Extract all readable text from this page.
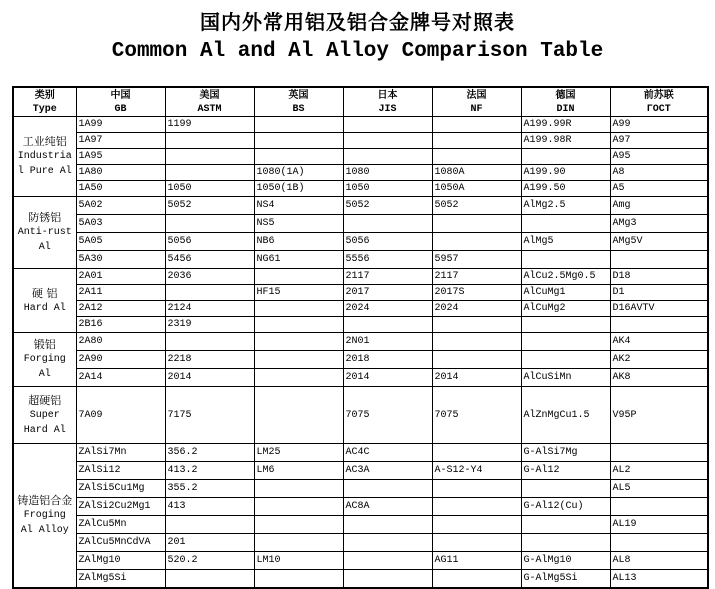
国内外常用铝及铝合金牌号对照表
Common Al and Al Alloy Comparison Table
类别	中国	美国	英国	日本	法国	德国	前苏联
Type	GB	ASTM	BS	JIS	NF	DIN	ГОСТ

工业纯铝
Industria l Pure Al	1A99	1199				A199.99R	A99
	1A97					A199.98R	A97
	1A95						A95
	1A80		1080(1A)	1080	1080A	A199.90	A8
	1A50	1050	1050(1B)	1050	1050A	A199.50	A5

防锈铝
Anti-rust Al	5A02	5052	NS4	5052	5052	AlMg2.5	Amg
	5A03		NS5				AMg3
	5A05	5056	NB6	5056		AlMg5	AMg5V
	5A30	5456	NG61	5556	5957		

硬 铝
Hard Al	2A01	2036		2117	2117	AlCu2.5Mg0.5	D18
	2A11		HF15	2017	2017S	AlCuMg1	D1
	2A12	2124		2024	2024	AlCuMg2	D16AVTV
	2B16	2319					

锻铝
Forging Al	2A80			2N01			AK4
	2A90	2218		2018			AK2
	2A14	2014		2014	2014	AlCuSiMn	AK8

超硬铝
Super Hard Al	7A09	7175		7075	7075	AlZnMgCu1.5	V95P

铸造铝合金
Froging Al Alloy	ZAlSi7Mn	356.2	LM25	AC4C		G-AlSi7Mg	
	ZAlSi12	413.2	LM6	AC3A	A-S12-Y4	G-Al12	AL2
	ZAlSi5Cu1Mg	355.2					AL5
	ZAlSi2Cu2Mg1	413		AC8A		G-Al12(Cu)	
	ZAlCu5Mn						AL19
	ZAlCu5MnCdVA	201					
	ZAlMg10	520.2	LM10		AG11	G-AlMg10	AL8
	ZAlMg5Si					G-AlMg5Si	AL13
